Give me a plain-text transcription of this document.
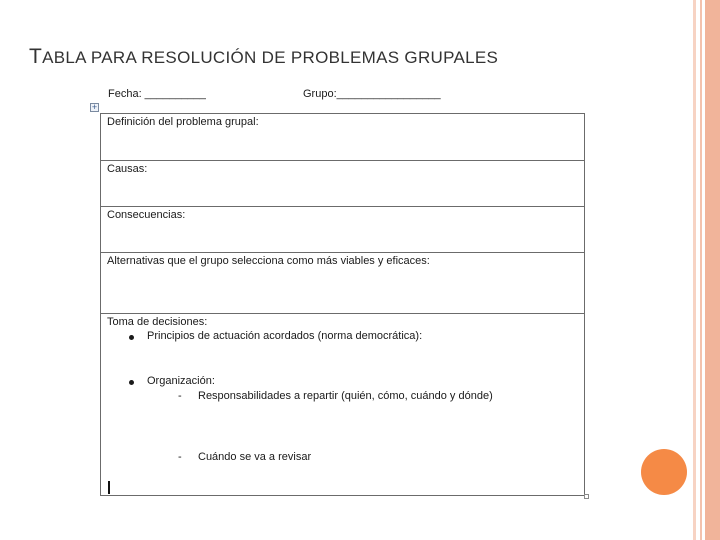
TABLA PARA RESOLUCIÓN DE PROBLEMAS GRUPALES
Fecha: __________	Grupo:_________________
+
Definición del problema grupal:
Causas:
Consecuencias:
Alternativas que el grupo selecciona como más viables y eficaces:
Toma de decisiones:
Principios de actuación acordados (norma democrática):
Organización:
- Responsabilidades a repartir (quién, cómo, cuándo y dónde)
- Cuándo se va a revisar
